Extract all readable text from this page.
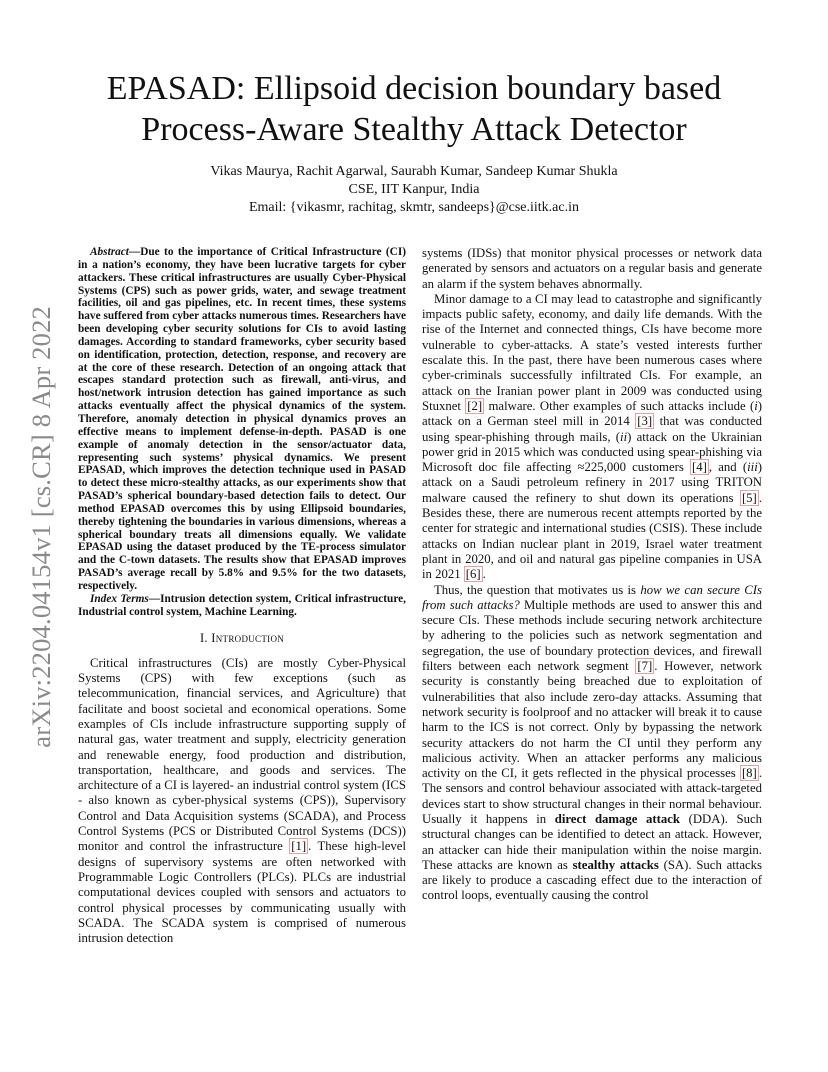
arXiv:2204.04154v1 [cs.CR] 8 Apr 2022
EPASAD: Ellipsoid decision boundary based
Process-Aware Stealthy Attack Detector
Vikas Maurya, Rachit Agarwal, Saurabh Kumar, Sandeep Kumar Shukla
CSE, IIT Kanpur, India
Email: {vikasmr, rachitag, skmtr, sandeeps}@cse.iitk.ac.in

Abstract—Due to the importance of Critical Infrastructure (CI) in a nation’s economy, they have been lucrative targets for cyber attackers. These critical infrastructures are usually Cyber-Physical Systems (CPS) such as power grids, water, and sewage treatment facilities, oil and gas pipelines, etc. In recent times, these systems have suffered from cyber attacks numerous times. Researchers have been developing cyber security solutions for CIs to avoid lasting damages. According to standard frameworks, cyber security based on identification, protection, detection, response, and recovery are at the core of these research. Detection of an ongoing attack that escapes standard protection such as firewall, anti-virus, and host/network intrusion detection has gained importance as such attacks eventually affect the physical dynamics of the system. Therefore, anomaly detection in physical dynamics proves an effective means to implement defense-in-depth. PASAD is one example of anomaly detection in the sensor/actuator data, representing such systems’ physical dynamics. We present EPASAD, which improves the detection technique used in PASAD to detect these micro-stealthy attacks, as our experiments show that PASAD’s spherical boundary-based detection fails to detect. Our method EPASAD overcomes this by using Ellipsoid boundaries, thereby tightening the boundaries in various dimensions, whereas a spherical boundary treats all dimensions equally. We validate EPASAD using the dataset produced by the TE-process simulator and the C-town datasets. The results show that EPASAD improves PASAD’s average recall by 5.8% and 9.5% for the two datasets, respectively.

Index Terms—Intrusion detection system, Critical infrastructure, Industrial control system, Machine Learning.

I. Introduction

Critical infrastructures (CIs) are mostly Cyber-Physical Systems (CPS) with few exceptions (such as telecommunication, financial services, and Agriculture) that facilitate and boost societal and economical operations. Some examples of CIs include infrastructure supporting supply of natural gas, water treatment and supply, electricity generation and renewable energy, food production and distribution, transportation, healthcare, and goods and services. The architecture of a CI is layered- an industrial control system (ICS - also known as cyber-physical systems (CPS)), Supervisory Control and Data Acquisition systems (SCADA), and Process Control Systems (PCS or Distributed Control Systems (DCS)) monitor and control the infrastructure [1] . These high-level designs of supervisory systems are often networked with Programmable Logic Controllers (PLCs). PLCs are industrial computational devices coupled with sensors and actuators to control physical processes by communicating usually with SCADA. The SCADA system is comprised of numerous intrusion detection

systems (IDSs) that monitor physical processes or network data generated by sensors and actuators on a regular basis and generate an alarm if the system behaves abnormally.

Minor damage to a CI may lead to catastrophe and significantly impacts public safety, economy, and daily life demands. With the rise of the Internet and connected things, CIs have become more vulnerable to cyber-attacks. A state’s vested interests further escalate this. In the past, there have been numerous cases where cyber-criminals successfully infiltrated CIs. For example, an attack on the Iranian power plant in 2009 was conducted using Stuxnet [2] malware. Other examples of such attacks include (i) attack on a German steel mill in 2014 [3] that was conducted using spear-phishing through mails, (ii) attack on the Ukrainian power grid in 2015 which was conducted using spear-phishing via Microsoft doc file affecting ≈225,000 customers [4] , and (iii) attack on a Saudi petroleum refinery in 2017 using TRITON malware caused the refinery to shut down its operations [5] . Besides these, there are numerous recent attempts reported by the center for strategic and international studies (CSIS). These include attacks on Indian nuclear plant in 2019, Israel water treatment plant in 2020, and oil and natural gas pipeline companies in USA in 2021 [6] .

Thus, the question that motivates us is how we can secure CIs from such attacks? Multiple methods are used to answer this and secure CIs. These methods include securing network architecture by adhering to the policies such as network segmentation and segregation, the use of boundary protection devices, and firewall filters between each network segment [7] . However, network security is constantly being breached due to exploitation of vulnerabilities that also include zero-day attacks. Assuming that network security is foolproof and no attacker will break it to cause harm to the ICS is not correct. Only by bypassing the network security attackers do not harm the CI until they perform any malicious activity. When an attacker performs any malicious activity on the CI, it gets reflected in the physical processes [8] . The sensors and control behaviour associated with attack-targeted devices start to show structural changes in their normal behaviour. Usually it happens in direct damage attack (DDA). Such structural changes can be identified to detect an attack. However, an attacker can hide their manipulation within the noise margin. These attacks are known as stealthy attacks (SA). Such attacks are likely to produce a cascading effect due to the interaction of control loops, eventually causing the control
